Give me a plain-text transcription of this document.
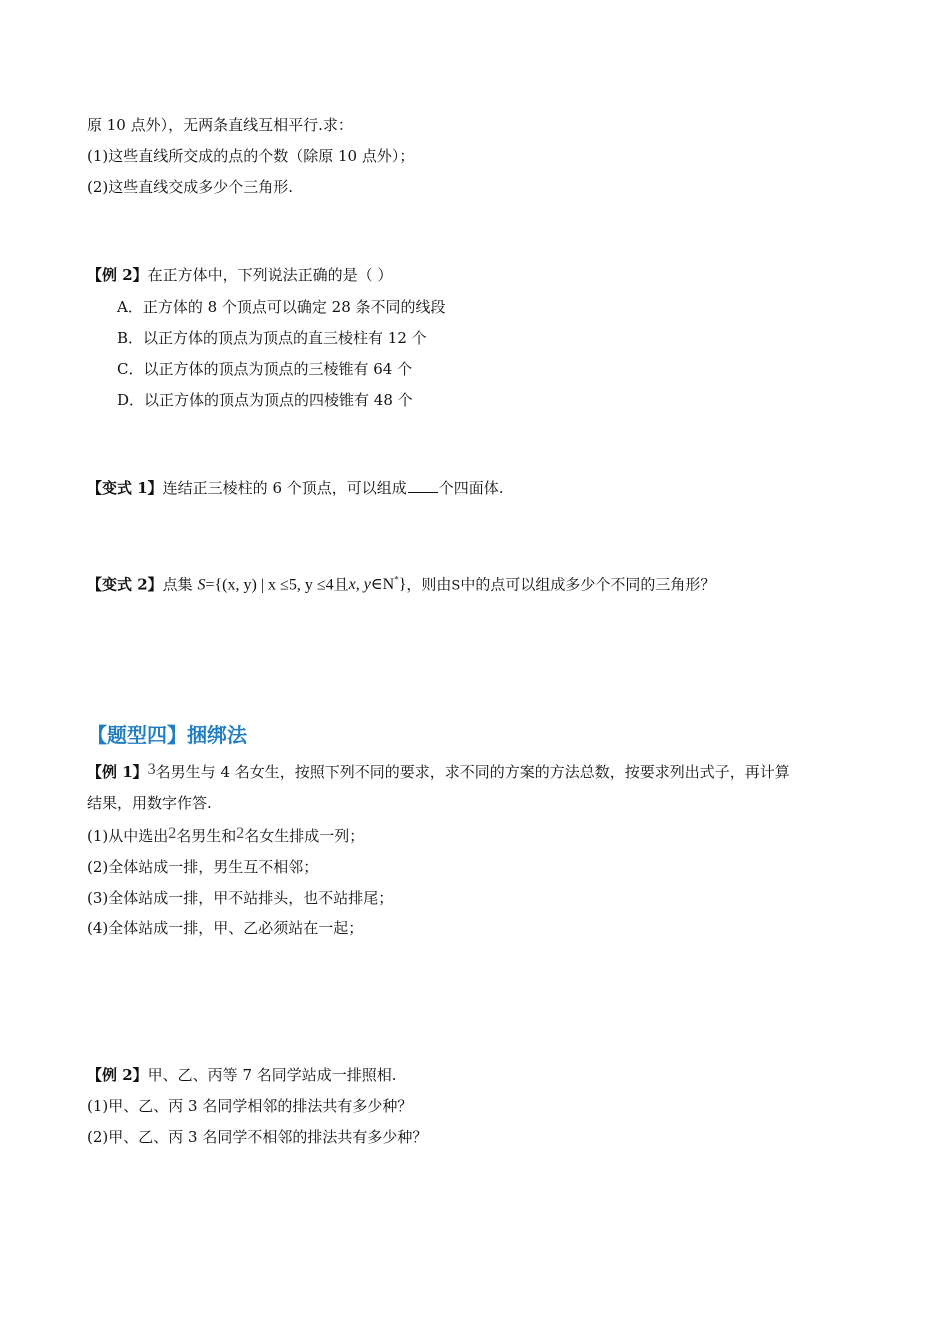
原 10 点外），无两条直线互相平行.求：
(1)这些直线所交成的点的个数（除原 10 点外）；
(2)这些直线交成多少个三角形.
【例 2】在正方体中，下列说法正确的是（ ）
A．正方体的 8 个顶点可以确定 28 条不同的线段
B．以正方体的顶点为顶点的直三棱柱有 12 个
C．以正方体的顶点为顶点的三棱锥有 64 个
D．以正方体的顶点为顶点的四棱锥有 48 个
【变式 1】连结正三棱柱的 6 个顶点，可以组成 个四面体.
【变式 2】点集 S={(x, y) | x ≤5, y ≤4且x, y∈N*}，则由S中的点可以组成多少个不同的三角形？
【题型四】捆绑法
【例 1】3名男生与 4 名女生，按照下列不同的要求，求不同的方案的方法总数，按要求列出式子，再计算
结果，用数字作答.
(1)从中选出2名男生和2名女生排成一列；
(2)全体站成一排，男生互不相邻；
(3)全体站成一排，甲不站排头，也不站排尾；
(4)全体站成一排，甲、乙必须站在一起；
【例 2】甲、乙、丙等 7 名同学站成一排照相.
(1)甲、乙、丙 3 名同学相邻的排法共有多少种？
(2)甲、乙、丙 3 名同学不相邻的排法共有多少种？
